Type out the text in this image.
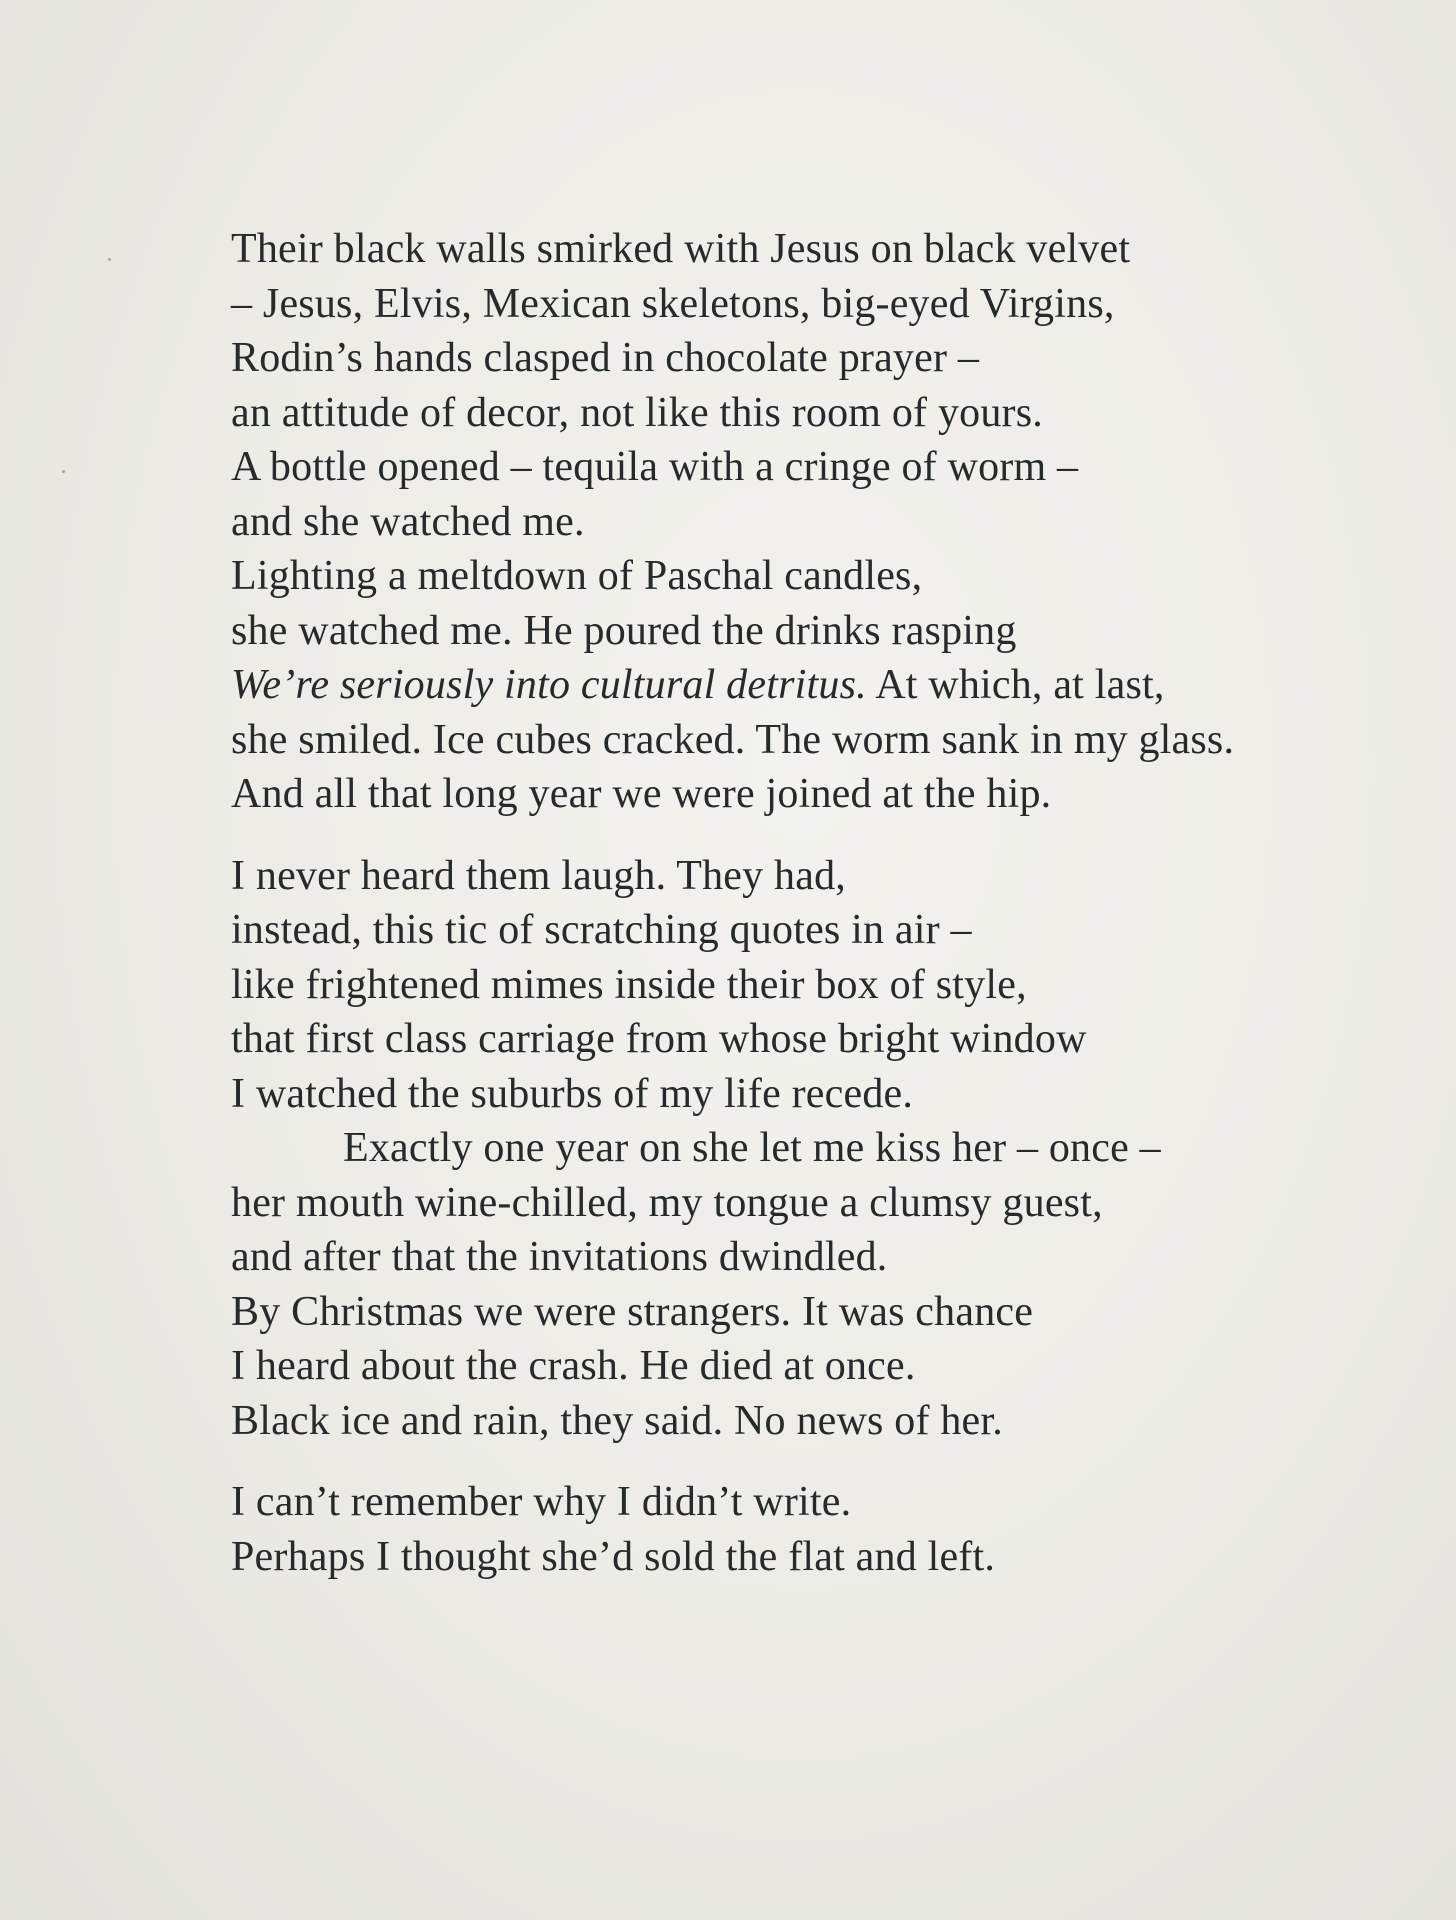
Their black walls smirked with Jesus on black velvet
– Jesus, Elvis, Mexican skeletons, big-eyed Virgins,
Rodin’s hands clasped in chocolate prayer –
an attitude of decor, not like this room of yours.
A bottle opened – tequila with a cringe of worm –
and she watched me.
Lighting a meltdown of Paschal candles,
she watched me. He poured the drinks rasping
We’re seriously into cultural detritus. At which, at last,
she smiled. Ice cubes cracked. The worm sank in my glass.
And all that long year we were joined at the hip.
I never heard them laugh. They had,
instead, this tic of scratching quotes in air –
like frightened mimes inside their box of style,
that first class carriage from whose bright window
I watched the suburbs of my life recede.
Exactly one year on she let me kiss her – once –
her mouth wine-chilled, my tongue a clumsy guest,
and after that the invitations dwindled.
By Christmas we were strangers. It was chance
I heard about the crash. He died at once.
Black ice and rain, they said. No news of her.
I can’t remember why I didn’t write.
Perhaps I thought she’d sold the flat and left.
